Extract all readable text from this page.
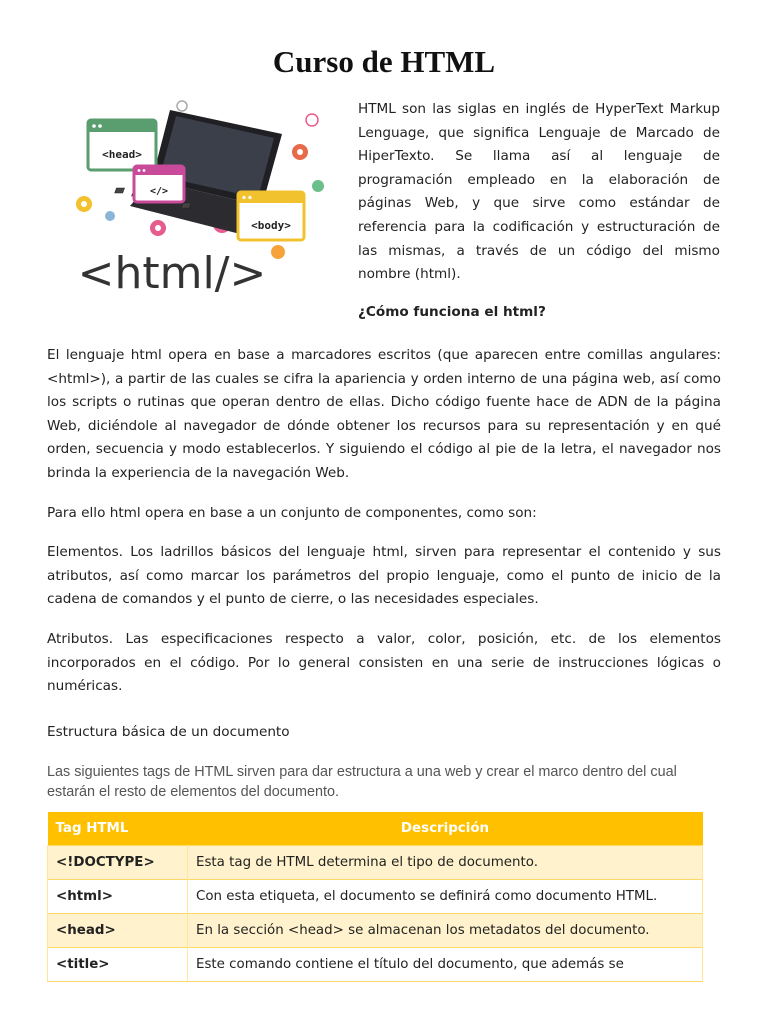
Curso de HTML
<head>
</>
<body>
<html/>

HTML son las siglas en inglés de HyperText Markup Lenguage, que significa Lenguaje de Marcado de HiperTexto. Se llama así al lenguaje de programación empleado en la elaboración de páginas Web, y que sirve como estándar de referencia para la codificación y estructuración de las mismas, a través de un código del mismo nombre (html).

¿Cómo funciona el html?

El lenguaje html opera en base a marcadores escritos (que aparecen entre comillas angulares: <html>), a partir de las cuales se cifra la apariencia y orden interno de una página web, así como los scripts o rutinas que operan dentro de ellas. Dicho código fuente hace de ADN de la página Web, diciéndole al navegador de dónde obtener los recursos para su representación y en qué orden, secuencia y modo establecerlos. Y siguiendo el código al pie de la letra, el navegador nos brinda la experiencia de la navegación Web.

Para ello html opera en base a un conjunto de componentes, como son:

Elementos. Los ladrillos básicos del lenguaje html, sirven para representar el contenido y sus atributos, así como marcar los parámetros del propio lenguaje, como el punto de inicio de la cadena de comandos y el punto de cierre, o las necesidades especiales.

Atributos. Las especificaciones respecto a valor, color, posición, etc. de los elementos incorporados en el código. Por lo general consisten en una serie de instrucciones lógicas o numéricas.

Estructura básica de un documento

Las siguientes tags de HTML sirven para dar estructura a una web y crear el marco dentro del cual estarán el resto de elementos del documento.

Tag HTML	Descripción
<!DOCTYPE>	Esta tag de HTML determina el tipo de documento.
<html>	Con esta etiqueta, el documento se definirá como documento HTML.
<head>	En la sección <head> se almacenan los metadatos del documento.
<title>	Este comando contiene el título del documento, que además se
